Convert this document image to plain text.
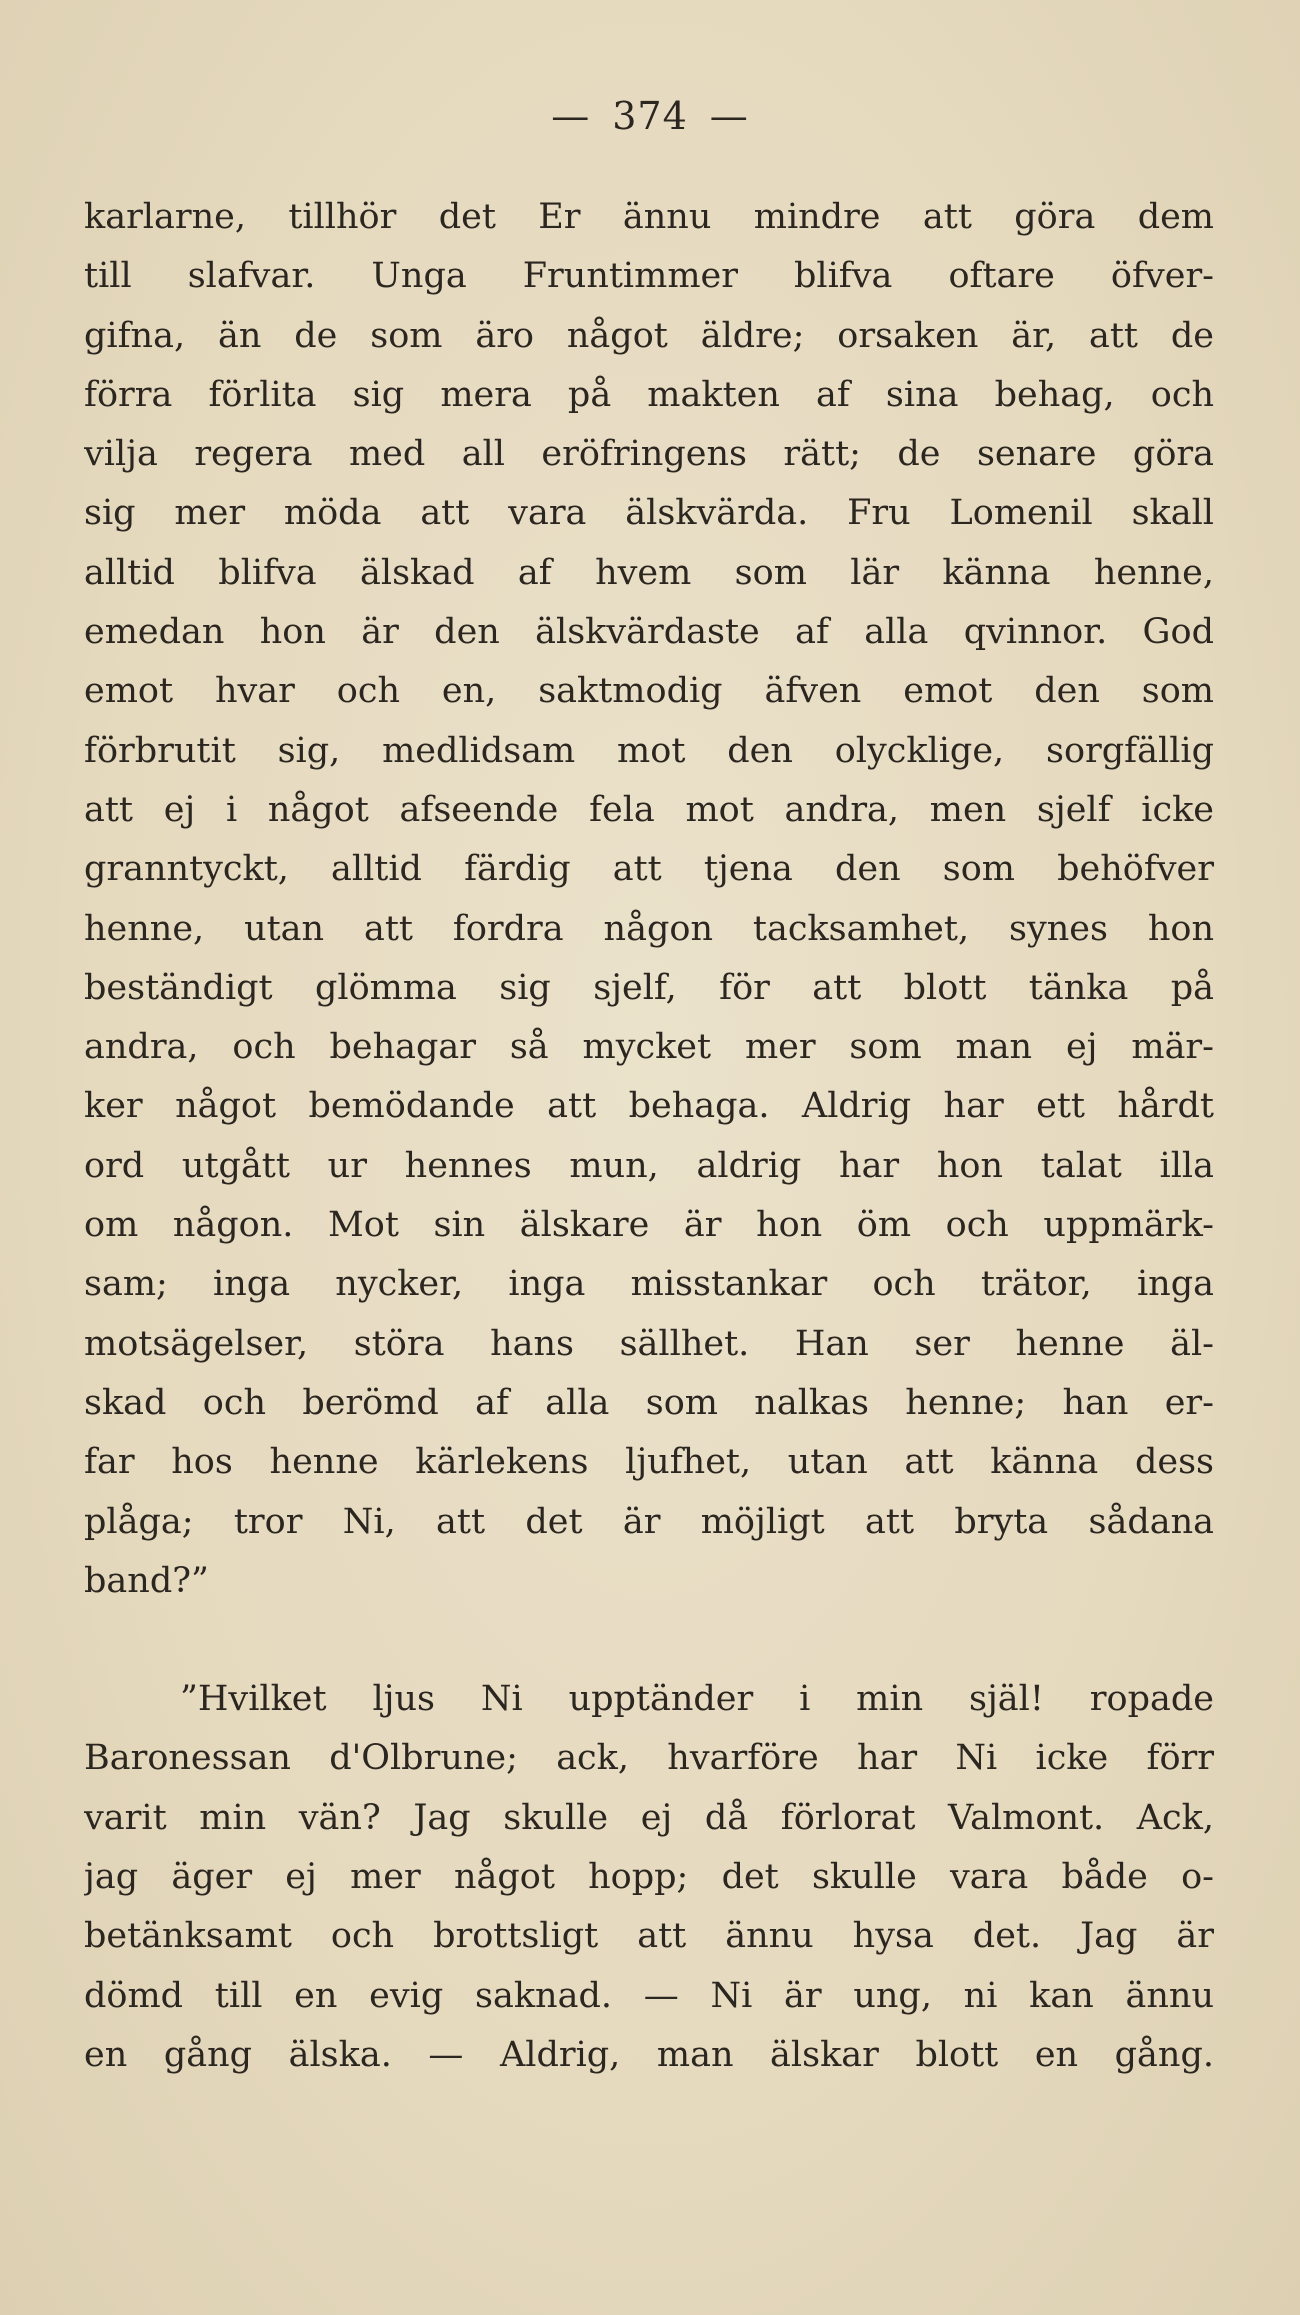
— 374 —
karlarne, tillhör det Er ännu mindre att göra dem
till slafvar. Unga Fruntimmer blifva oftare öfver-
gifna, än de som äro något äldre; orsaken är, att de
förra förlita sig mera på makten af sina behag, och
vilja regera med all eröfringens rätt; de senare göra
sig mer möda att vara älskvärda. Fru Lomenil skall
alltid blifva älskad af hvem som lär känna henne,
emedan hon är den älskvärdaste af alla qvinnor. God
emot hvar och en, saktmodig äfven emot den som
förbrutit sig, medlidsam mot den olycklige, sorgfällig
att ej i något afseende fela mot andra, men sjelf icke
granntyckt, alltid färdig att tjena den som behöfver
henne, utan att fordra någon tacksamhet, synes hon
beständigt glömma sig sjelf, för att blott tänka på
andra, och behagar så mycket mer som man ej mär-
ker något bemödande att behaga. Aldrig har ett hårdt
ord utgått ur hennes mun, aldrig har hon talat illa
om någon. Mot sin älskare är hon öm och uppmärk-
sam; inga nycker, inga misstankar och trätor, inga
motsägelser, störa hans sällhet. Han ser henne äl-
skad och berömd af alla som nalkas henne; han er-
far hos henne kärlekens ljufhet, utan att känna dess
plåga; tror Ni, att det är möjligt att bryta sådana
band?”
”Hvilket ljus Ni upptänder i min själ! ropade
Baronessan d'Olbrune; ack, hvarföre har Ni icke förr
varit min vän? Jag skulle ej då förlorat Valmont. Ack,
jag äger ej mer något hopp; det skulle vara både o-
betänksamt och brottsligt att ännu hysa det. Jag är
dömd till en evig saknad. — Ni är ung, ni kan ännu
en gång älska. — Aldrig, man älskar blott en gång.
